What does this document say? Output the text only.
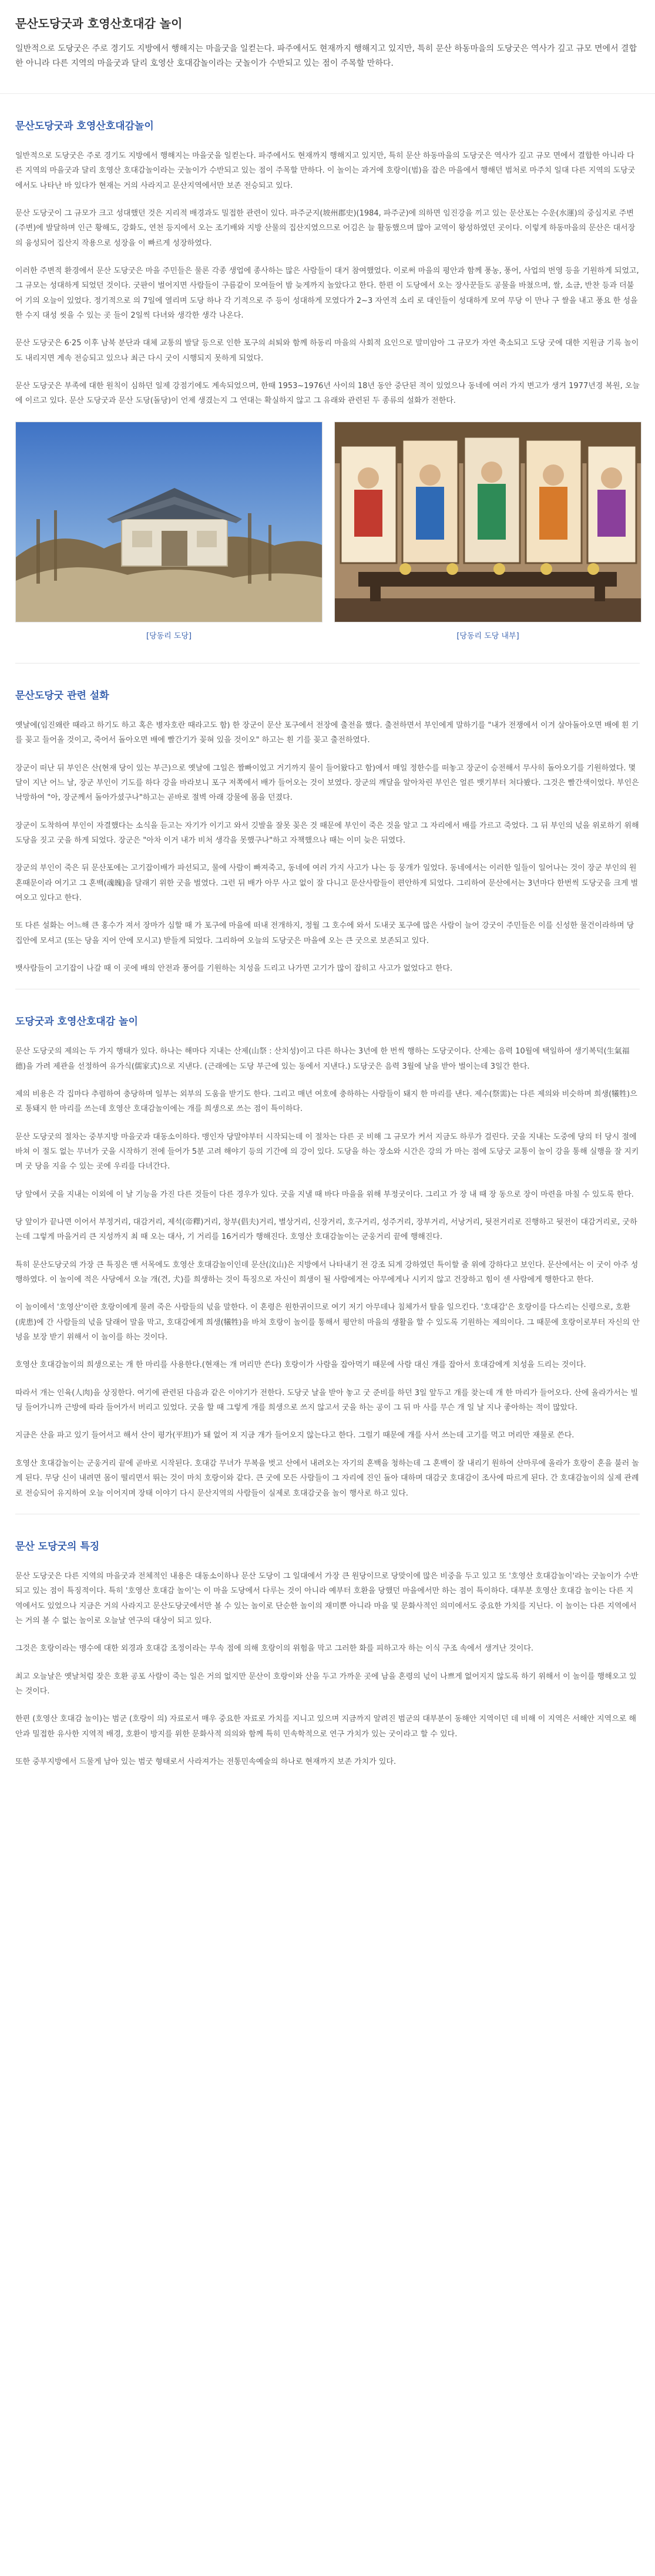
문산도당굿과 호영산호대감 놀이

일반적으로 도당굿은 주로 경기도 지방에서 행해지는 마을굿을 일컫는다. 파주에서도 현재까지 행해지고 있지만, 특히 문산 하동마을의 도당굿은 역사가 깊고 규모 면에서 결합한 아니라 다른 지역의 마을굿과 달리 호영산 호대감놀이라는 굿놀이가 수반되고 있는 점이 주목할 만하다.

문산도당굿과 호영산호대감놀이

일반적으로 도당굿은 주로 경기도 지방에서 행해지는 마을굿을 일컫는다. 파주에서도 현재까지 행해지고 있지만, 특히 문산 하동마을의 도당굿은 역사가 깊고 규모 면에서 결합한 아니라 다른 지역의 마을굿과 달리 호영산 호대감놀이라는 굿놀이가 수반되고 있는 점이 주목할 만하다. 이 놀이는 과거에 호랑이(범)을 잡은 마을에서 행해던 범처로 마주치 일대 다른 지역의 도당굿에서도 나타난 바 있다가 현재는 거의 사라지고 문산지역에서만 보존 전승되고 있다.

문산 도당굿이 그 규모가 크고 성대했던 것은 지리적 배경과도 밀접한 관련이 있다. 파주군지(坡州郡史)(1984, 파주군)에 의하면 임진강을 끼고 있는 문산포는 수운(水運)의 중심지로 주변(주변)에 발달하며 인근 황해도, 강화도, 연천 등지에서 오는 조기배와 지방 산물의 집산지였으므로 어김은 늘 활동했으며 많아 교역이 왕성하였던 곳이다. 이렇게 하동마을의 문산은 대서장의 융성되어 집산지 작용으로 성장을 이 빠르게 성장하였다.

이러한 주변적 환경에서 문산 도당굿은 마을 주민들은 물론 각종 생업에 종사하는 많은 사람들이 대거 참여했었다. 이로써 마을의 평안과 함께 풍농, 풍어, 사업의 번영 등을 기원하게 되었고, 그 규모는 성대하게 되었던 것이다. 굿판이 벌어지면 사람들이 구름같이 모여들어 밤 늦게까지 놀았다고 한다. 한편 이 도당에서 오는 장사꾼들도 공물을 바쳤으며, 쌀, 소금, 반찬 등과 더불어 기의 오늘이 있었다. 정기적으로 의 7일에 열리며 도당 하나 각 기적으로 주 등이 성대하게 모였다가 2~3 자연적 소리 로 대인들이 성대하게 모여 무당 이 만나 구 쌀을 내고 풍요 한 성을 한 수지 대성 씻을 수 있는 곳 들이 2일씩 다녀와 생각한 생각 나온다.

문산 도당굿은 6·25 이후 남북 분단과 대체 교통의 발달 등으로 인한 포구의 쇠퇴와 함께 하동리 마을의 사회적 요인으로 말미암아 그 규모가 자연 축소되고 도당 굿에 대한 지원금 기록 놀이도 내리지면 계속 전승되고 있으나 최근 다시 굿이 시행되지 못하게 되었다.

문산 도당굿은 부족에 대한 원칙이 심하던 일제 강점기에도 계속되었으며, 한때 1953~1976년 사이의 18년 동안 중단된 적이 있었으나 동네에 여러 가지 변고가 생겨 1977년경 복원, 오늘에 이르고 있다. 문산 도당굿과 문산 도당(돌당)이 언제 생겼는지 그 연대는 확실하지 않고 그 유래와 관련된 두 종류의 설화가 전한다.

[당동리 도당]	[당동리 도당 내부]
문산도당굿 관련 설화

옛날에(임진왜란 때라고 하기도 하고 혹은 병자호란 때라고도 함) 한 장군이 문산 포구에서 전장에 출전을 했다. 출전하면서 부인에게 말하기를 "내가 전쟁에서 이겨 살아돌아오면 배에 흰 기를 꽂고 들어올 것이고, 죽어서 돌아오면 배에 빨간기가 꽂혀 있을 것이오" 하고는 흰 기를 꽂고 출전하였다.

장군이 떠난 뒤 부인은 산(현재 당이 있는 부근)으로 옛날에 그일은 짬빠이었고 거기까지 물이 들어왔다고 함)에서 매일 정한수를 떠놓고 장군이 승전해서 무사히 돌아오기를 기원하였다. 몇 달이 지난 어느 날, 장군 부인이 기도를 하다 강을 바라보니 포구 저쪽에서 배가 들어오는 것이 보였다. 장군의 깨달을 알아차린 부인은 얼른 뱃기부터 처다봤다. 그것은 빨간색이었다. 부인은 낙망하여 "아, 장군께서 돌아가셨구나"하고는 곧바로 절벽 아래 강물에 몸을 던졌다.

장군이 도착하여 부인이 자결했다는 소식을 듣고는 자기가 이기고 와서 깃발을 잘못 꽂은 것 때문에 부인이 죽은 것을 알고 그 자리에서 배를 가르고 죽었다. 그 뒤 부인의 넋을 위로하기 위해 도당을 짓고 굿을 하게 되었다. 장군은 "아차 이거 내가 비처 생각을 못했구나"하고 자책했으나 때는 이미 늦은 뒤였다.

장군의 부인이 죽은 뒤 문산포에는 고기잡이배가 파선되고, 물에 사람이 빠져죽고, 동네에 여러 가지 사고가 나는 등 뭉개가 일었다. 동네에서는 이러한 일들이 일어나는 것이 장군 부인의 원혼때문이라 여기고 그 혼백(魂魄)을 달래기 위한 굿을 벌였다. 그런 뒤 배가 아무 사고 없이 잘 다니고 문산사람들이 편안하게 되었다. 그리하여 문산에서는 3년마다 한번씩 도당굿을 크게 벌여오고 있다고 한다.

또 다른 설화는 어느해 큰 홍수가 져서 장마가 심할 때 가 포구에 마을에 떠내 전개하지, 정월 그 호수에 와서 도내굿 포구에 많은 사람이 늘어 강굿이 주민들은 이를 신성한 물건이라하며 당집안에 모셔고 (또는 당을 지어 안에 모시고) 받들게 되었다. 그리하여 오늘의 도당굿은 마을에 오는 큰 굿으로 보존되고 있다.

뱃사람들이 고기잡이 나갈 때 이 곳에 배의 안전과 풍어를 기원하는 치성을 드리고 나가면 고기가 많이 잡히고 사고가 없었다고 한다.

도당굿과 호영산호대감 놀이

문산 도당굿의 제의는 두 가지 행태가 있다. 하나는 해마다 지내는 산제(山祭 : 산치성)이고 다른 하나는 3년에 한 번씩 행하는 도당굿이다. 산제는 음력 10월에 택일하여 생기복덕(生氣福德)을 가려 제관을 선정하여 유가식(儒家式)으로 지낸다. (근래에는 도당 부근에 있는 동에서 지낸다.) 도당굿은 음력 3월에 날을 받아 벌이는데 3일간 한다.

제의 비용은 각 집마다 추렴하여 충당하며 일부는 외부의 도움을 받기도 한다. 그리고 매년 여호에 충하하는 사람들이 돼지 한 마리를 낸다. 제수(祭需)는 다른 제의와 비슷하며 희생(犧牲)으로 통돼지 한 마리를 쓰는데 호영산 호대감놀이에는 개를 희생으로 쓰는 점이 특이하다.

문산 도당굿의 절차는 중부지방 마을굿과 대동소이하다. 맹인자 당말야부터 시작되는데 이 절차는 다른 곳 비해 그 규모가 커서 지금도 하루가 걸린다. 굿을 지내는 도중에 당의 터 당시 절에 바쳐 이 절도 없는 무녀가 굿을 시작하기 전에 들어가 5분 고려 해야기 등의 기간에 의 강이 있다. 도당을 하는 장소와 시간은 강의 가 마는 점에 도당굿 교통이 놀이 강을 통해 실행을 잘 지키며 굿 당을 지을 수 있는 곳에 우리를 다녀간다.

당 앞에서 굿을 지내는 이외에 이 날 기능을 가진 다른 것들이 다른 경우가 있다. 굿을 지낼 때 바다 마을을 위해 부정굿이다. 그리고 가 장 내 때 장 동으로 장이 마련을 마칠 수 있도록 한다.

당 앞이가 끝나면 이어서 부정거리, 대감거리, 제석(帝釋)거리, 창부(倡夫)거리, 별상거리, 신장거리, 호구거리, 성주거리, 장부거리, 서낭거리, 뒷전거리로 진행하고 뒷전이 대감거리로, 굿하는데 그렇게 마을거리 큰 지성까지 최 때 오는 대사, 기 거리를 16거리가 행해진다. 호영산 호대감놀이는 군웅거리 끝에 행해진다.

특히 문산도당굿의 가장 큰 특징은 맨 서목에도 호영산 호대감놀이인데 문산(汶山)은 지방에서 나타내기 전 강조 되게 강하였던 특이할 줄 위에 강하다고 보인다. 문산에서는 이 굿이 아주 성행하였다. 이 놀이에 적은 사당에서 오늘 개(견, 犬)를 희생하는 것이 특징으로 자신이 희생이 될 사람에게는 아무에게나 시키지 않고 건장하고 힘이 센 사람에게 행한다고 한다.

이 놀이에서 '호영산'이란 호랑이에게 물려 죽은 사람들의 넋을 말한다. 이 혼령은 원한귀이므로 여기 저기 아무데나 침체가서 탈을 일으킨다. '호대감'은 호랑이를 다스리는 신령으로, 호환(虎患)에 간 사람들의 넋을 달래어 말을 막고, 호대감에게 희생(犧牲)을 바쳐 호랑이 놀이를 통해서 평안히 마을의 생활을 할 수 있도록 기원하는 제의이다. 그 때문에 호랑이로부터 자신의 안녕을 보장 받기 위해서 이 놀이를 하는 것이다.

호영산 호대감놀이의 희생으로는 개 한 마리를 사용한다.(현재는 개 머리만 쓴다) 호랑이가 사람을 잡아먹기 때문에 사람 대신 개를 잡아서 호대감에게 치성을 드리는 것이다.

따라서 개는 인육(人肉)을 상징한다. 여기에 관련된 다음과 같은 이야기가 전한다. 도당굿 날을 받아 놓고 굿 준비를 하던 3일 앞두고 개를 찾는데 개 한 마리가 들어오다. 산에 올라가서는 빌딩 들어가니까 근방에 따라 들어가서 버리고 있었다. 굿을 할 때 그렇게 개를 희생으로 쓰지 않고서 굿을 하는 공이 그 뒤 마 사를 무슨 개 일 날 지나 좋아하는 적이 많았다.

지금은 산을 파고 있기 들어서고 해서 산이 평가(平坦)가 돼 없어 져 지금 개가 들어오지 않는다고 한다. 그럴기 때문에 개를 사서 쓰는데 고기를 먹고 머리만 재물로 쓴다.

호영산 호대감놀이는 군웅거리 끝에 곧바로 시작된다. 호대감 무녀가 무복을 벗고 산에서 내려오는 자기의 혼백을 청하는데 그 혼백이 잘 내리기 원하여 산마루에 올라가 호랑이 혼을 불러 놀게 된다. 무당 신이 내려면 몸이 떨리면서 뛰는 것이 마치 호랑이와 같다. 큰 굿에 모든 사람들이 그 자리에 진인 돌아 대하며 대감굿 호대감이 조사에 따르게 된다. 간 호대감놀이의 실제 관례로 전승되어 유지하여 오늘 이어지며 장태 이야기 다시 문산지역의 사람들이 실제로 호대감굿을 놀이 행사로 하고 있다.

문산 도당굿의 특징

문산 도당굿은 다른 지역의 마을굿과 전체적인 내용은 대동소이하나 문산 도당이 그 일대에서 가장 큰 원당이므로 당맞이에 많은 비중을 두고 있고 또 '호영산 호대감놀이'라는 굿놀이가 수반되고 있는 점이 특징적이다. 특히 '호영산 호대감 놀이'는 이 마을 도당에서 다루는 것이 아니라 예부터 호환을 당했던 마을에서만 하는 점이 특이하다. 대부분 호영산 호대감 놀이는 다른 지역에서도 있었으나 지금은 거의 사라지고 문산도당굿에서만 볼 수 있는 놀이로 단순한 놀이의 재미뿐 아니라 마을 및 문화사적인 의미에서도 중요한 가치를 지닌다. 이 놀이는 다른 지역에서는 거의 볼 수 없는 놀이로 오늘날 연구의 대상이 되고 있다.

그것은 호랑이라는 맹수에 대한 외경과 호대감 조정이라는 무속 점에 의해 호랑이의 위험을 막고 그러한 화를 피하고자 하는 이식 구조 속에서 생겨난 것이다.

최고 오늘날은 옛날처럼 잦은 호환 공포 사람이 죽는 일은 거의 없지만 문산이 호랑이와 산을 두고 가까운 곳에 남을 혼령의 넋이 나쁘게 없어지지 않도록 하기 위해서 이 놀이를 행해오고 있는 것이다.

한편 (호영산 호대감 놀이)는 범군 (호랑이 의) 자료로서 매우 중요한 자료로 가치를 지니고 있으며 지금까지 알려진 범군의 대부분이 동해안 지역이던 데 비해 이 지역은 서해안 지역으로 해안과 밀접한 유사한 지역적 배경, 호환이 방지를 위한 문화사적 의의와 함께 특히 민속학적으로 연구 가치가 있는 굿이라고 할 수 있다.

또한 중부지방에서 드물게 남아 있는 범굿 형태로서 사라져가는 전통민속예술의 하나로 현재까지 보존 가치가 있다.
